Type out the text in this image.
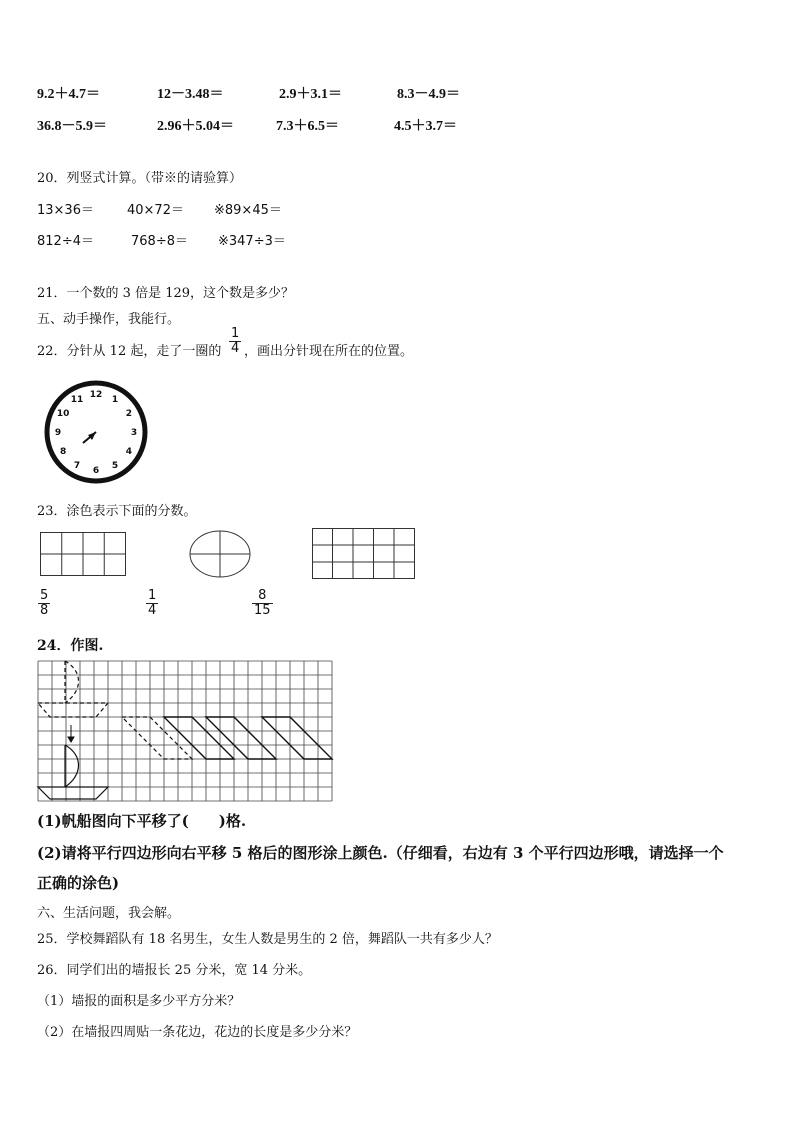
9.2＋4.7＝	12－3.48＝	2.9＋3.1＝	8.3－4.9＝
36.8－5.9＝	2.96＋5.04＝	7.3＋6.5＝	4.5＋3.7＝
20．列竖式计算。（带※的请验算）
13×36＝	40×72＝ ※89×45＝
812÷4＝	768÷8＝ ※347÷3＝
21．一个数的 3 倍是 129，这个数是多少？
五、动手操作，我能行。
22．分针从 12 起，走了一圈的
1
4 ，画出分针现在所在的位置。
12
1
2
3
4
5
6
7
8
9
10
11
23．涂色表示下面的分数。
5
8
1
4
8
15
24．作图.
(1)帆船图向下平移了(　　)格.
(2)请将平行四边形向右平移 5 格后的图形涂上颜色.（仔细看，右边有 3 个平行四边形哦，请选择一个
正确的涂色)
六、生活问题，我会解。
25．学校舞蹈队有 18 名男生，女生人数是男生的 2 倍，舞蹈队一共有多少人？
26．同学们出的墙报长 25 分米，宽 14 分米。
（1）墙报的面积是多少平方分米？
（2）在墙报四周贴一条花边，花边的长度是多少分米？
